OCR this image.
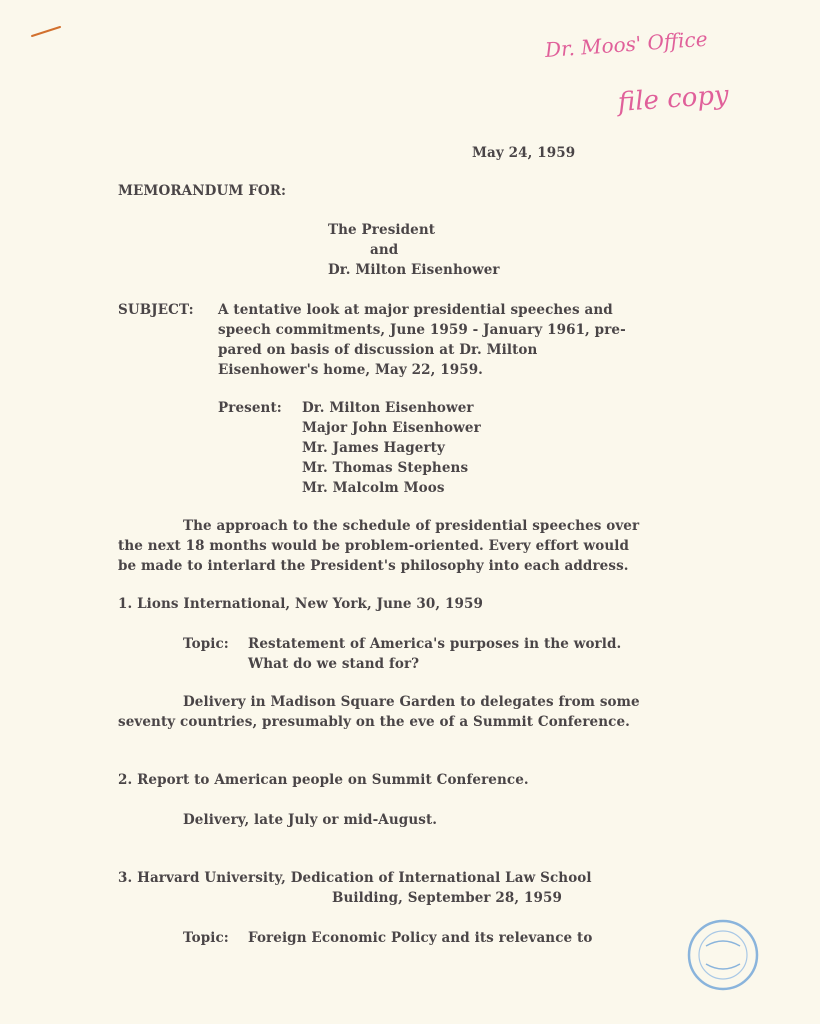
Dr. Moos' Office
file copy
May 24, 1959
MEMORANDUM FOR:
The President
and
Dr. Milton Eisenhower
SUBJECT: A tentative look at major presidential speeches and
speech commitments, June 1959 - January 1961, pre-
pared on basis of discussion at Dr. Milton
Eisenhower's home, May 22, 1959.
Present: Dr. Milton Eisenhower
Major John Eisenhower
Mr. James Hagerty
Mr. Thomas Stephens
Mr. Malcolm Moos
The approach to the schedule of presidential speeches over
the next 18 months would be problem-oriented. Every effort would
be made to interlard the President's philosophy into each address.
1. Lions International, New York, June 30, 1959
Topic: Restatement of America's purposes in the world.
What do we stand for?
Delivery in Madison Square Garden to delegates from some
seventy countries, presumably on the eve of a Summit Conference.
2. Report to American people on Summit Conference.
Delivery, late July or mid-August.
3. Harvard University, Dedication of International Law School
Building, September 28, 1959
Topic: Foreign Economic Policy and its relevance to
